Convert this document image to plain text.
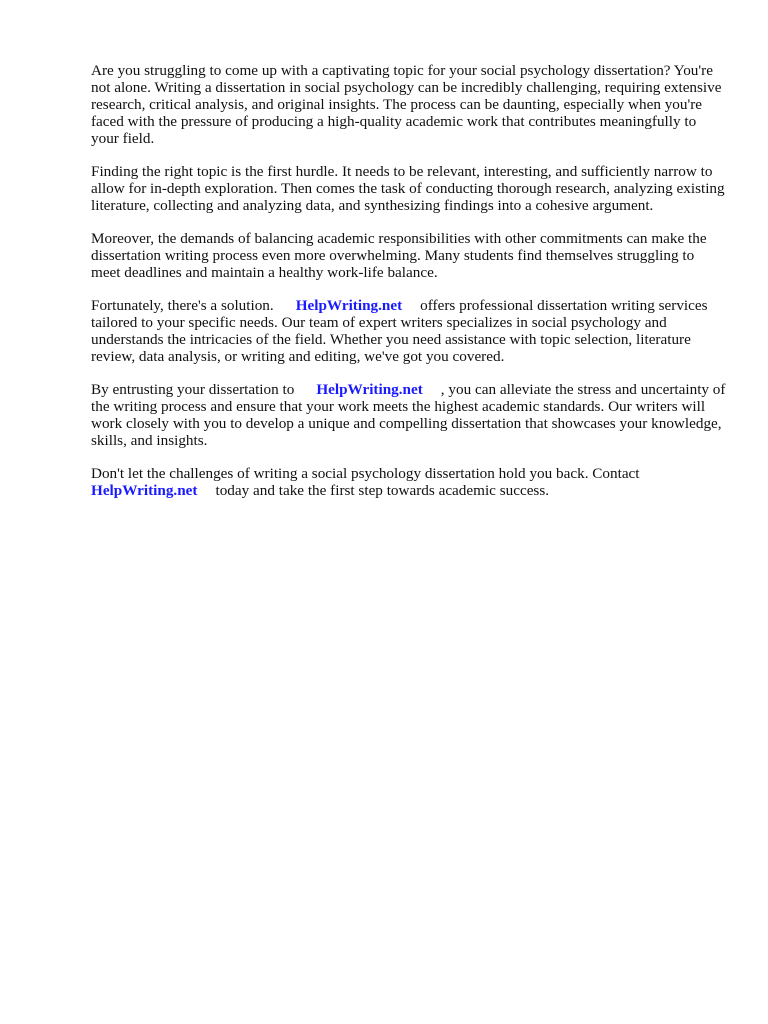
Are you struggling to come up with a captivating topic for your social psychology dissertation? You're not alone. Writing a dissertation in social psychology can be incredibly challenging, requiring extensive research, critical analysis, and original insights. The process can be daunting, especially when you're faced with the pressure of producing a high-quality academic work that contributes meaningfully to your field.

Finding the right topic is the first hurdle. It needs to be relevant, interesting, and sufficiently narrow to allow for in-depth exploration. Then comes the task of conducting thorough research, analyzing existing literature, collecting and analyzing data, and synthesizing findings into a cohesive argument.

Moreover, the demands of balancing academic responsibilities with other commitments can make the dissertation writing process even more overwhelming. Many students find themselves struggling to meet deadlines and maintain a healthy work-life balance.

Fortunately, there's a solution. HelpWriting.net offers professional dissertation writing services tailored to your specific needs. Our team of expert writers specializes in social psychology and understands the intricacies of the field. Whether you need assistance with topic selection, literature review, data analysis, or writing and editing, we've got you covered.

By entrusting your dissertation to HelpWriting.net , you can alleviate the stress and uncertainty of the writing process and ensure that your work meets the highest academic standards. Our writers will work closely with you to develop a unique and compelling dissertation that showcases your knowledge, skills, and insights.

Don't let the challenges of writing a social psychology dissertation hold you back. Contact HelpWriting.net today and take the first step towards academic success.
